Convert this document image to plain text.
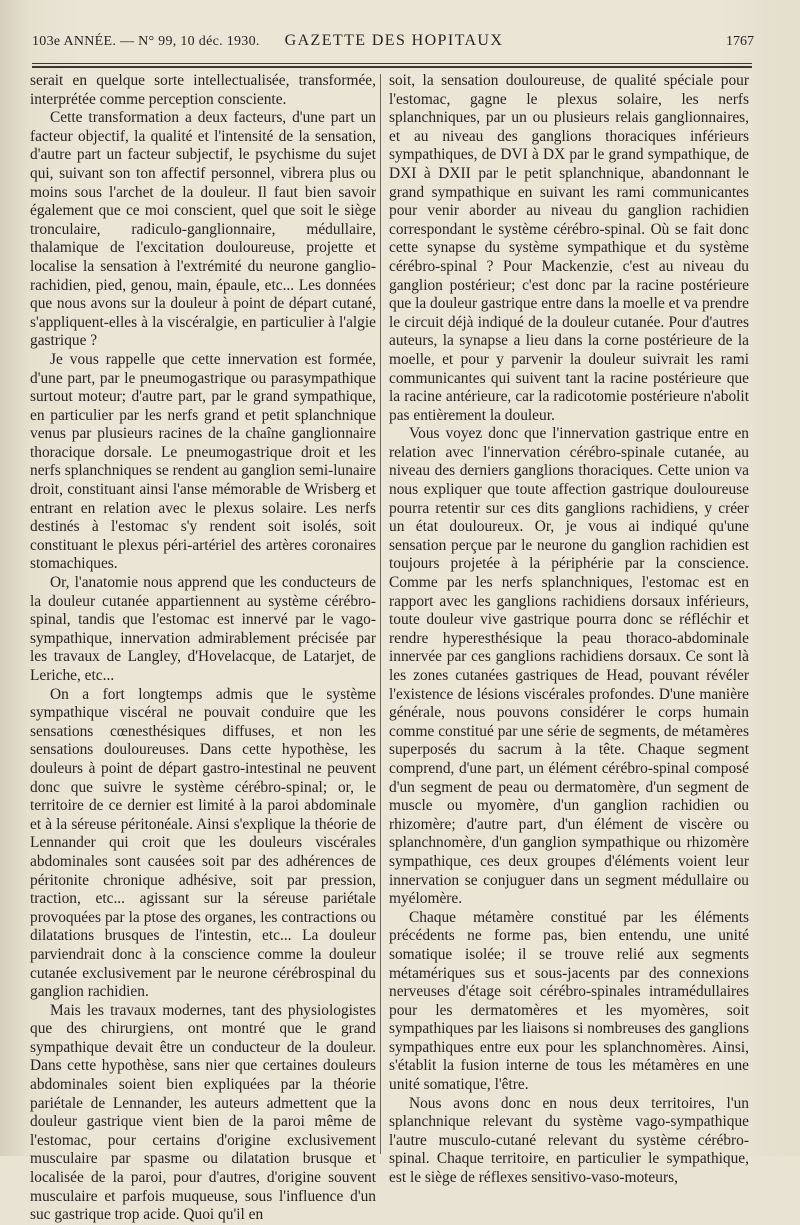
103e ANNÉE. — N° 99, 10 déc. 1930.	GAZETTE DES HOPITAUX	1767

serait en quelque sorte intellectualisée, transformée, interprétée comme perception consciente.

Cette transformation a deux facteurs, d'une part un facteur objectif, la qualité et l'intensité de la sensation, d'autre part un facteur subjectif, le psychisme du sujet qui, suivant son ton affectif personnel, vibrera plus ou moins sous l'archet de la douleur. Il faut bien savoir également que ce moi conscient, quel que soit le siège tronculaire, radiculo-ganglionnaire, médullaire, thalamique de l'excitation douloureuse, projette et localise la sensation à l'extrémité du neurone ganglio-rachidien, pied, genou, main, épaule, etc... Les données que nous avons sur la douleur à point de départ cutané, s'appliquent-elles à la viscéralgie, en particulier à l'algie gastrique ?

Je vous rappelle que cette innervation est formée, d'une part, par le pneumogastrique ou parasympathique surtout moteur; d'autre part, par le grand sympathique, en particulier par les nerfs grand et petit splanchnique venus par plusieurs racines de la chaîne ganglionnaire thoracique dorsale. Le pneumogastrique droit et les nerfs splanchniques se rendent au ganglion semi-lunaire droit, constituant ainsi l'anse mémorable de Wrisberg et entrant en relation avec le plexus solaire. Les nerfs destinés à l'estomac s'y rendent soit isolés, soit constituant le plexus péri-artériel des artères coronaires stomachiques.

Or, l'anatomie nous apprend que les conducteurs de la douleur cutanée appartiennent au système cérébro-spinal, tandis que l'estomac est innervé par le vago-sympathique, innervation admirablement précisée par les travaux de Langley, d'Hovelacque, de Latarjet, de Leriche, etc...

On a fort longtemps admis que le système sympathique viscéral ne pouvait conduire que les sensations cœnesthésiques diffuses, et non les sensations douloureuses. Dans cette hypothèse, les douleurs à point de départ gastro-intestinal ne peuvent donc que suivre le système cérébro-spinal; or, le territoire de ce dernier est limité à la paroi abdominale et à la séreuse péritonéale. Ainsi s'explique la théorie de Lennander qui croit que les douleurs viscérales abdominales sont causées soit par des adhérences de péritonite chronique adhésive, soit par pression, traction, etc... agissant sur la séreuse pariétale provoquées par la ptose des organes, les contractions ou dilatations brusques de l'intestin, etc... La douleur parviendrait donc à la conscience comme la douleur cutanée exclusivement par le neurone cérébrospinal du ganglion rachidien.

Mais les travaux modernes, tant des physiologistes que des chirurgiens, ont montré que le grand sympathique devait être un conducteur de la douleur. Dans cette hypothèse, sans nier que certaines douleurs abdominales soient bien expliquées par la théorie pariétale de Lennander, les auteurs admettent que la douleur gastrique vient bien de la paroi même de l'estomac, pour certains d'origine exclusivement musculaire par spasme ou dilatation brusque et localisée de la paroi, pour d'autres, d'origine souvent musculaire et parfois muqueuse, sous l'influence d'un suc gastrique trop acide. Quoi qu'il en

soit, la sensation douloureuse, de qualité spéciale pour l'estomac, gagne le plexus solaire, les nerfs splanchniques, par un ou plusieurs relais ganglionnaires, et au niveau des ganglions thoraciques inférieurs sympathiques, de DVI à DX par le grand sympathique, de DXI à DXII par le petit splanchnique, abandonnant le grand sympathique en suivant les rami communicantes pour venir aborder au niveau du ganglion rachidien correspondant le système cérébro-spinal. Où se fait donc cette synapse du système sympathique et du système cérébro-spinal ? Pour Mackenzie, c'est au niveau du ganglion postérieur; c'est donc par la racine postérieure que la douleur gastrique entre dans la moelle et va prendre le circuit déjà indiqué de la douleur cutanée. Pour d'autres auteurs, la synapse a lieu dans la corne postérieure de la moelle, et pour y parvenir la douleur suivrait les rami communicantes qui suivent tant la racine postérieure que la racine antérieure, car la radicotomie postérieure n'abolit pas entièrement la douleur.

Vous voyez donc que l'innervation gastrique entre en relation avec l'innervation cérébro-spinale cutanée, au niveau des derniers ganglions thoraciques. Cette union va nous expliquer que toute affection gastrique douloureuse pourra retentir sur ces dits ganglions rachidiens, y créer un état douloureux. Or, je vous ai indiqué qu'une sensation perçue par le neurone du ganglion rachidien est toujours projetée à la périphérie par la conscience. Comme par les nerfs splanchniques, l'estomac est en rapport avec les ganglions rachidiens dorsaux inférieurs, toute douleur vive gastrique pourra donc se réfléchir et rendre hyperesthésique la peau thoraco-abdominale innervée par ces ganglions rachidiens dorsaux. Ce sont là les zones cutanées gastriques de Head, pouvant révéler l'existence de lésions viscérales profondes. D'une manière générale, nous pouvons considérer le corps humain comme constitué par une série de segments, de métamères superposés du sacrum à la tête. Chaque segment comprend, d'une part, un élément cérébro-spinal composé d'un segment de peau ou dermatomère, d'un segment de muscle ou myomère, d'un ganglion rachidien ou rhizomère; d'autre part, d'un élément de viscère ou splanchnomère, d'un ganglion sympathique ou rhizomère sympathique, ces deux groupes d'éléments voient leur innervation se conjuguer dans un segment médullaire ou myélomère.

Chaque métamère constitué par les éléments précédents ne forme pas, bien entendu, une unité somatique isolée; il se trouve relié aux segments métamériques sus et sous-jacents par des connexions nerveuses d'étage soit cérébro-spinales intramédullaires pour les dermatomères et les myomères, soit sympathiques par les liaisons si nombreuses des ganglions sympathiques entre eux pour les splanchnomères. Ainsi, s'établit la fusion interne de tous les métamères en une unité somatique, l'être.

Nous avons donc en nous deux territoires, l'un splanchnique relevant du système vago-sympathique l'autre musculo-cutané relevant du système cérébro-spinal. Chaque territoire, en particulier le sympathique, est le siège de réflexes sensitivo-vaso-moteurs,
